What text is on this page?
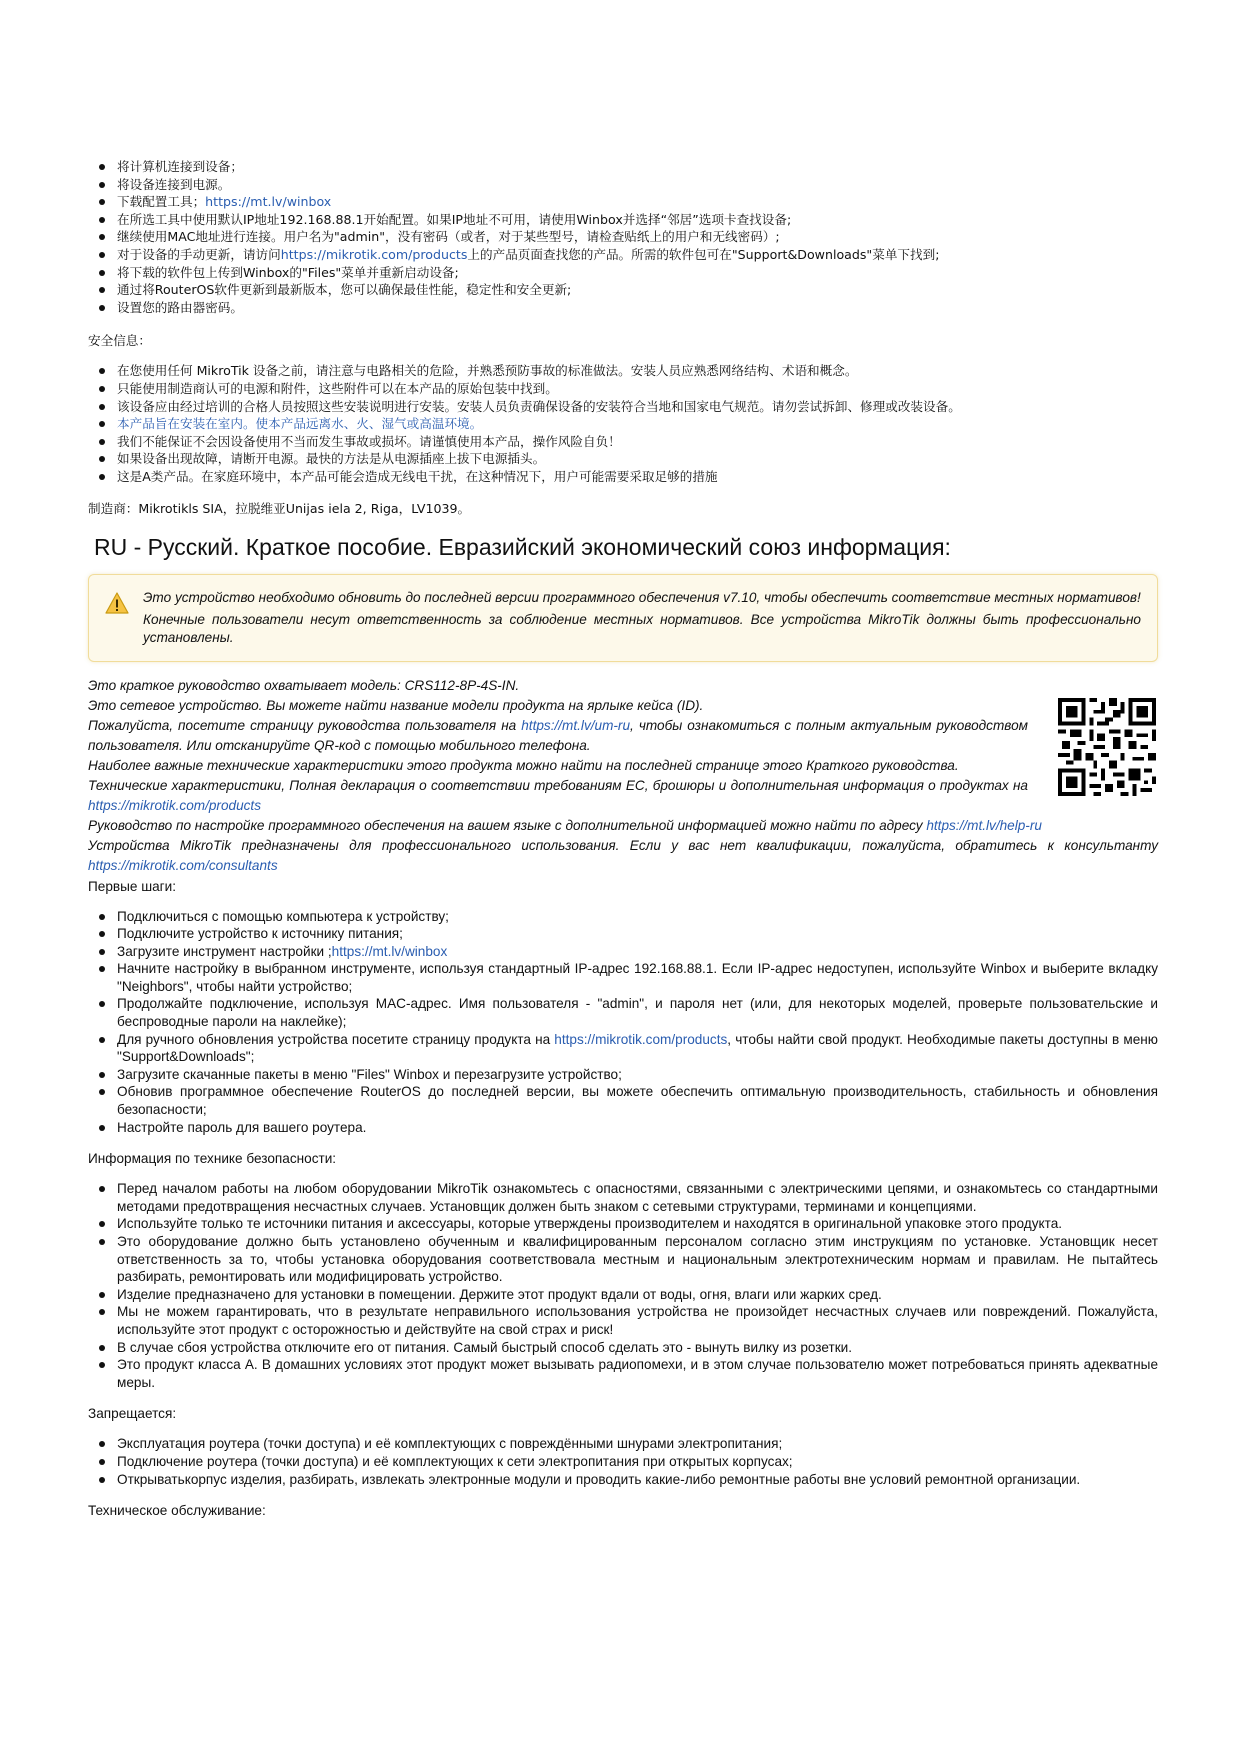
将计算机连接到设备；
将设备连接到电源。
下载配置工具；https://mt.lv/winbox
在所选工具中使用默认IP地址192.168.88.1开始配置。如果IP地址不可用，请使用Winbox并选择“邻居”选项卡查找设备;
继续使用MAC地址进行连接。用户名为"admin"，没有密码（或者，对于某些型号，请检查贴纸上的用户和无线密码）;
对于设备的手动更新，请访问https://mikrotik.com/products上的产品页面查找您的产品。所需的软件包可在"Support&Downloads"菜单下找到;
将下载的软件包上传到Winbox的"Files"菜单并重新启动设备;
通过将RouterOS软件更新到最新版本，您可以确保最佳性能，稳定性和安全更新;
设置您的路由器密码。

安全信息：

在您使用任何 MikroTik 设备之前，请注意与电路相关的危险，并熟悉预防事故的标准做法。安装人员应熟悉网络结构、术语和概念。
只能使用制造商认可的电源和附件，这些附件可以在本产品的原始包装中找到。
该设备应由经过培训的合格人员按照这些安装说明进行安装。安装人员负责确保设备的安装符合当地和国家电气规范。请勿尝试拆卸、修理或改装设备。
本产品旨在安装在室内。使本产品远离水、火、湿气或高温环境。
我们不能保证不会因设备使用不当而发生事故或损坏。请谨慎使用本产品，操作风险自负！
如果设备出现故障，请断开电源。最快的方法是从电源插座上拔下电源插头。
这是A类产品。在家庭环境中，本产品可能会造成无线电干扰，在这种情况下，用户可能需要采取足够的措施

制造商：Mikrotikls SIA，拉脱维亚Unijas iela 2, Riga，LV1039。

RU - Русский. Краткое пособие. Евразийский экономический союз информация:

Это устройство необходимо обновить до последней версии программного обеспечения v7.10, чтобы обеспечить соответствие местных нормативов!

Конечные пользователи несут ответственность за соблюдение местных нормативов. Все устройства MikroTik должны быть профессионально установлены.

Это краткое руководство охватывает модель: CRS112-8P-4S-IN.

Это сетевое устройство. Вы можете найти название модели продукта на ярлыке кейса (ID).

Пожалуйста, посетите страницу руководства пользователя на https://mt.lv/um-ru, чтобы ознакомиться с полным актуальным руководством пользователя. Или отсканируйте QR-код с помощью мобильного телефона.

Наиболее важные технические характеристики этого продукта можно найти на последней странице этого Краткого руководства.

Технические характеристики, Полная декларация о соответствии требованиям ЕС, брошюры и дополнительная информация о продуктах на https://mikrotik.com/products

Руководство по настройке программного обеспечения на вашем языке с дополнительной информацией можно найти по адресу https://mt.lv/help-ru

Устройства MikroTik предназначены для профессионального использования. Если у вас нет квалификации, пожалуйста, обратитесь к консультанту https://mikrotik.com/consultants

Первые шаги:

Подключиться с помощью компьютера к устройству;
Подключите устройство к источнику питания;
Загрузите инструмент настройки ;https://mt.lv/winbox
Начните настройку в выбранном инструменте, используя стандартный IP-адрес 192.168.88.1. Если IP-адрес недоступен, используйте Winbox и выберите вкладку "Neighbors", чтобы найти устройство;
Продолжайте подключение, используя MAC-адрес. Имя пользователя - "admin", и пароля нет (или, для некоторых моделей, проверьте пользовательские и беспроводные пароли на наклейке);
Для ручного обновления устройства посетите страницу продукта на https://mikrotik.com/products, чтобы найти свой продукт. Необходимые пакеты доступны в меню "Support&Downloads";
Загрузите скачанные пакеты в меню "Files" Winbox и перезагрузите устройство;
Обновив программное обеспечение RouterOS до последней версии, вы можете обеспечить оптимальную производительность, стабильность и обновления безопасности;
Настройте пароль для вашего роутера.

Информация по технике безопасности:

Перед началом работы на любом оборудовании MikroTik ознакомьтесь с опасностями, связанными с электрическими цепями, и ознакомьтесь со стандартными методами предотвращения несчастных случаев. Установщик должен быть знаком с сетевыми структурами, терминами и концепциями.
Используйте только те источники питания и аксессуары, которые утверждены производителем и находятся в оригинальной упаковке этого продукта.
Это оборудование должно быть установлено обученным и квалифицированным персоналом согласно этим инструкциям по установке. Установщик несет ответственность за то, чтобы установка оборудования соответствовала местным и национальным электротехническим нормам и правилам. Не пытайтесь разбирать, ремонтировать или модифицировать устройство.
Изделие предназначено для установки в помещении. Держите этот продукт вдали от воды, огня, влаги или жарких сред.
Мы не можем гарантировать, что в результате неправильного использования устройства не произойдет несчастных случаев или повреждений. Пожалуйста, используйте этот продукт с осторожностью и действуйте на свой страх и риск!
В случае сбоя устройства отключите его от питания. Самый быстрый способ сделать это - вынуть вилку из розетки.
Это продукт класса А. В домашних условиях этот продукт может вызывать радиопомехи, и в этом случае пользователю может потребоваться принять адекватные меры.

Запрещается:

Эксплуатация роутера (точки доступа) и её комплектующих с повреждёнными шнурами электропитания;
Подключение роутера (точки доступа) и её комплектующих к сети электропитания при открытых корпусах;
Открыватькорпус изделия, разбирать, извлекать электронные модули и проводить какие-либо ремонтные работы вне условий ремонтной организации.

Техническое обслуживание:
